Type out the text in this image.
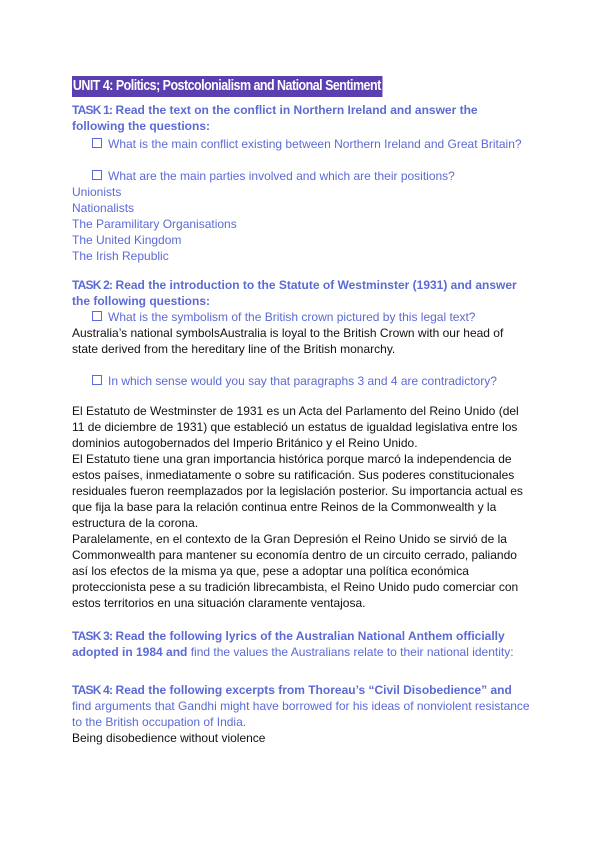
UNIT 4: Politics; Postcolonialism and National Sentiment
TASK 1: Read the text on the conflict in Northern Ireland and answer the following the questions:
What is the main conflict existing between Northern Ireland and Great Britain?
What are the main parties involved and which are their positions?
Unionists
Nationalists
The Paramilitary Organisations
The United Kingdom
The Irish Republic
TASK 2: Read the introduction to the Statute of Westminster (1931) and answer the following questions:
What is the symbolism of the British crown pictured by this legal text?
Australia’s national symbolsAustralia is loyal to the British Crown with our head of state derived from the hereditary line of the British monarchy.
In which sense would you say that paragraphs 3 and 4 are contradictory?
El Estatuto de Westminster de 1931 es un Acta del Parlamento del Reino Unido (del 11 de diciembre de 1931) que estableció un estatus de igualdad legislativa entre los dominios autogobernados del Imperio Británico y el Reino Unido.
El Estatuto tiene una gran importancia histórica porque marcó la independencia de estos países, inmediatamente o sobre su ratificación. Sus poderes constitucionales residuales fueron reemplazados por la legislación posterior. Su importancia actual es que fija la base para la relación continua entre Reinos de la Commonwealth y la estructura de la corona.
Paralelamente, en el contexto de la Gran Depresión el Reino Unido se sirvió de la Commonwealth para mantener su economía dentro de un circuito cerrado, paliando así los efectos de la misma ya que, pese a adoptar una política económica proteccionista pese a su tradición librecambista, el Reino Unido pudo comerciar con estos territorios en una situación claramente ventajosa.
TASK 3: Read the following lyrics of the Australian National Anthem officially adopted in 1984 and find the values the Australians relate to their national identity:
TASK 4: Read the following excerpts from Thoreau’s “Civil Disobedience” and find arguments that Gandhi might have borrowed for his ideas of nonviolent resistance to the British occupation of India.
Being disobedience without violence
